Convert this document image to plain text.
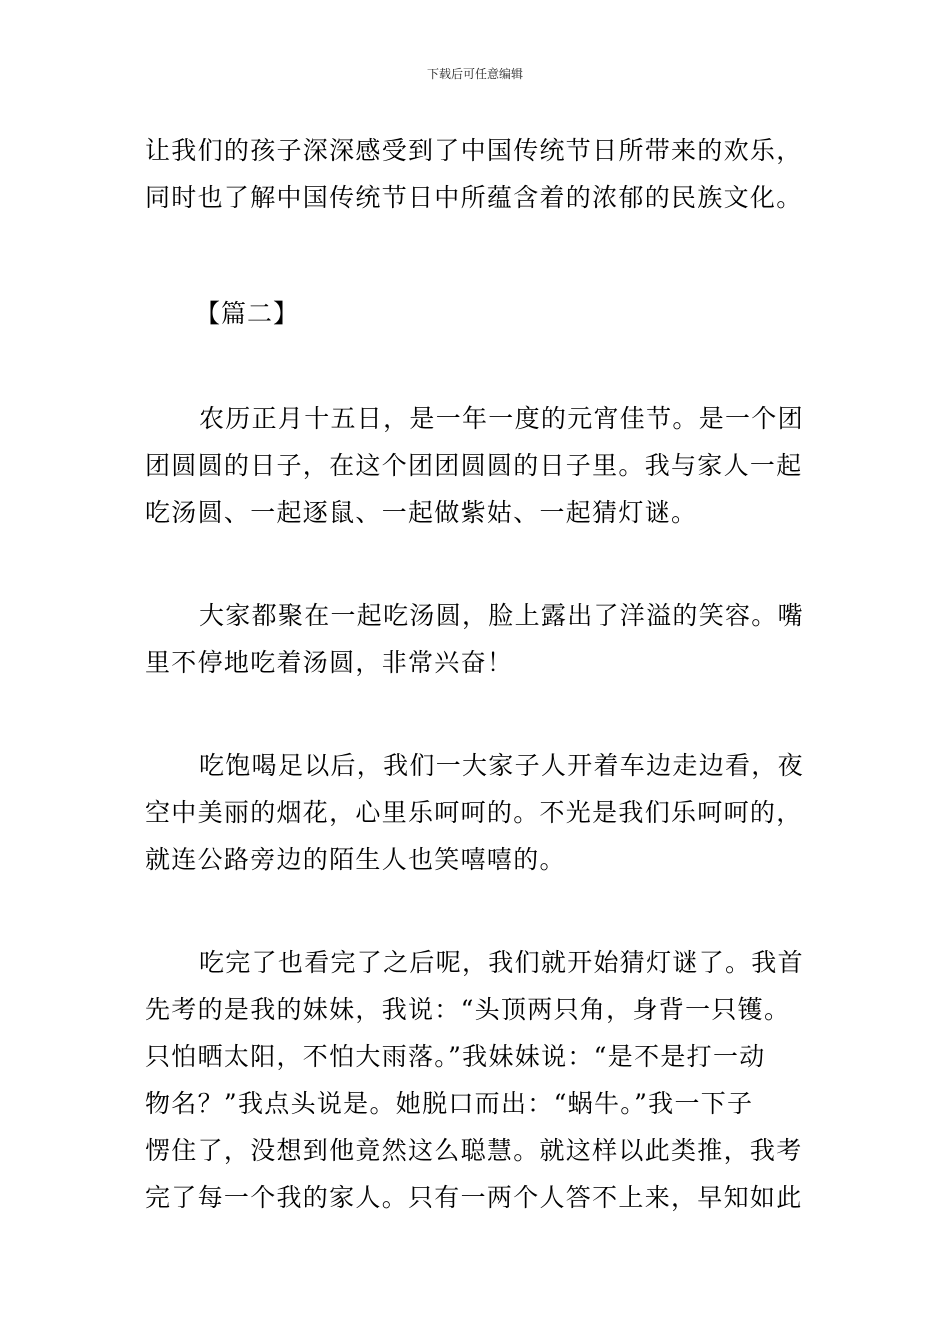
下载后可任意编辑

让我们的孩子深深感受到了中国传统节日所带来的欢乐，
同时也了解中国传统节日中所蕴含着的浓郁的民族文化。

【篇二】

农历正月十五日，是一年一度的元宵佳节。是一个团
团圆圆的日子，在这个团团圆圆的日子里。我与家人一起
吃汤圆、一起逐鼠、一起做紫姑、一起猜灯谜。

大家都聚在一起吃汤圆，脸上露出了洋溢的笑容。嘴
里不停地吃着汤圆，非常兴奋！

吃饱喝足以后，我们一大家子人开着车边走边看，夜
空中美丽的烟花，心里乐呵呵的。不光是我们乐呵呵的，
就连公路旁边的陌生人也笑嘻嘻的。

吃完了也看完了之后呢，我们就开始猜灯谜了。我首
先考的是我的妹妹，我说：“头顶两只角，身背一只镬。
只怕晒太阳，不怕大雨落。”我妹妹说：“是不是打一动
物名？”我点头说是。她脱口而出：“蜗牛。”我一下子
愣住了，没想到他竟然这么聪慧。就这样以此类推，我考
完了每一个我的家人。只有一两个人答不上来，早知如此
